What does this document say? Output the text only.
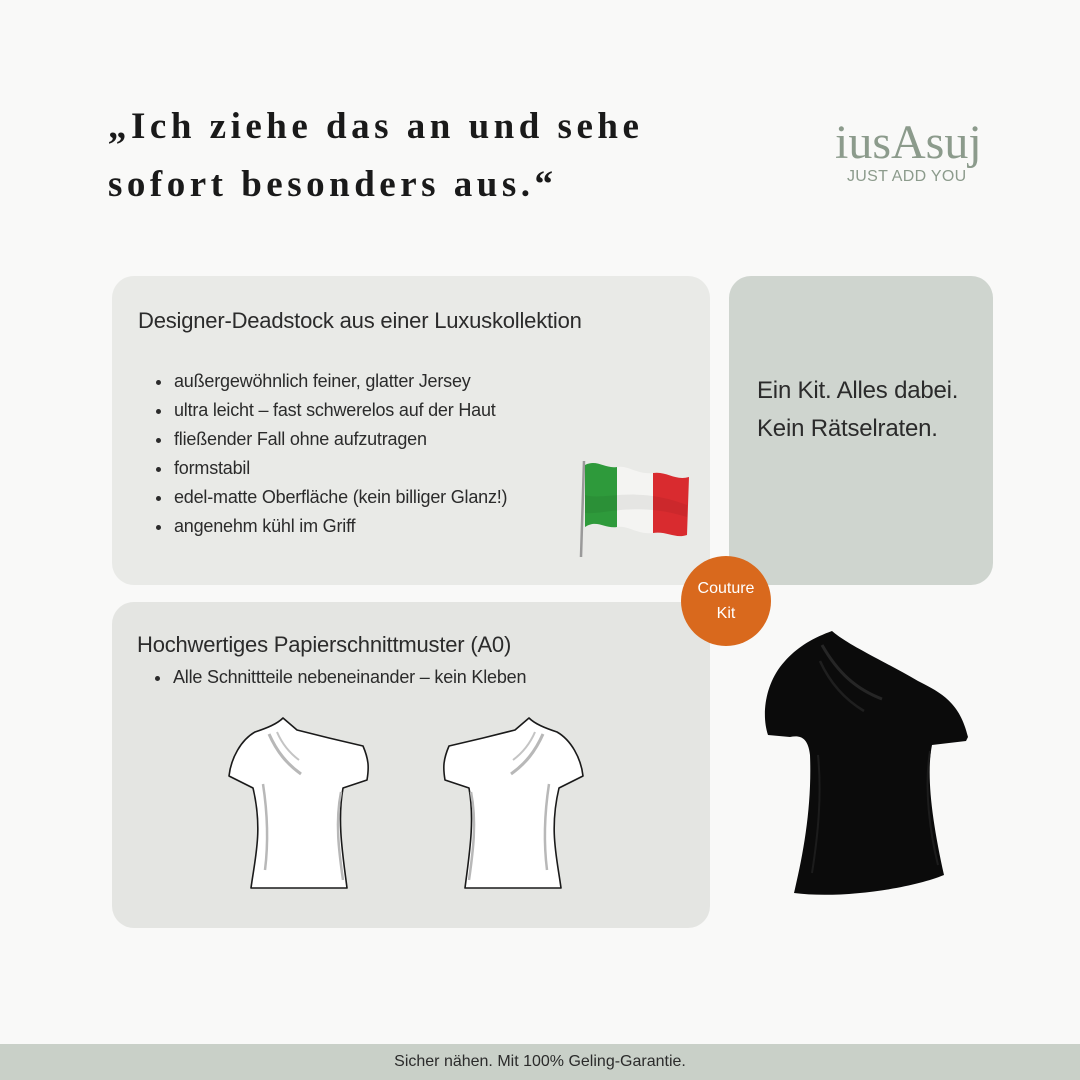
„Ich ziehe das an und sehe
sofort besonders aus.“
iusAsuj
JUST ADD YOU
Designer-Deadstock aus einer Luxuskollektion
außergewöhnlich feiner, glatter Jersey
ultra leicht – fast schwerelos auf der Haut
fließender Fall ohne aufzutragen
formstabil
edel-matte Oberfläche (kein billiger Glanz!)
angenehm kühl im Griff
Ein Kit. Alles dabei.
Kein Rätselraten.
Couture
Kit
Hochwertiges Papierschnittmuster (A0)
Alle Schnittteile nebeneinander – kein Kleben
Sicher nähen. Mit 100% Geling-Garantie.
